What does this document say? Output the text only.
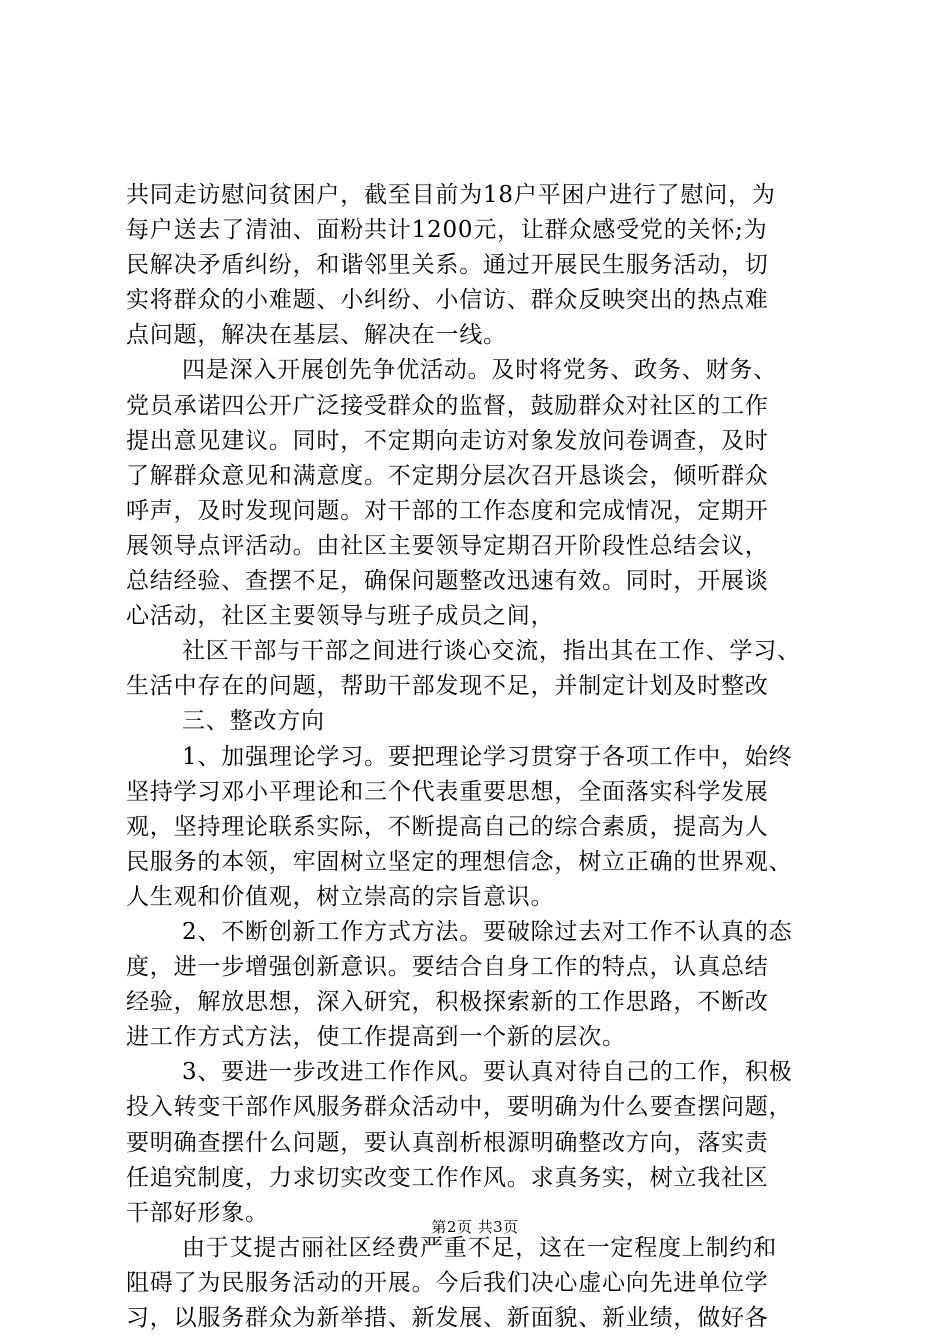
共同走访慰问贫困户，截至目前为18户平困户进行了慰问，为
每户送去了清油、面粉共计1200元，让群众感受党的关怀;为
民解决矛盾纠纷，和谐邻里关系。通过开展民生服务活动，切
实将群众的小难题、小纠纷、小信访、群众反映突出的热点难
点问题，解决在基层、解决在一线。
四是深入开展创先争优活动。及时将党务、政务、财务、
党员承诺四公开广泛接受群众的监督，鼓励群众对社区的工作
提出意见建议。同时，不定期向走访对象发放问卷调查，及时
了解群众意见和满意度。不定期分层次召开恳谈会，倾听群众
呼声，及时发现问题。对干部的工作态度和完成情况，定期开
展领导点评活动。由社区主要领导定期召开阶段性总结会议，
总结经验、查摆不足，确保问题整改迅速有效。同时，开展谈
心活动，社区主要领导与班子成员之间，
社区干部与干部之间进行谈心交流，指出其在工作、学习、
生活中存在的问题，帮助干部发现不足，并制定计划及时整改
三、整改方向
1、加强理论学习。要把理论学习贯穿于各项工作中，始终
坚持学习邓小平理论和三个代表重要思想，全面落实科学发展
观，坚持理论联系实际，不断提高自己的综合素质，提高为人
民服务的本领，牢固树立坚定的理想信念，树立正确的世界观、
人生观和价值观，树立崇高的宗旨意识。
2、不断创新工作方式方法。要破除过去对工作不认真的态
度，进一步增强创新意识。要结合自身工作的特点，认真总结
经验，解放思想，深入研究，积极探索新的工作思路，不断改
进工作方式方法，使工作提高到一个新的层次。
3、要进一步改进工作作风。要认真对待自己的工作，积极
投入转变干部作风服务群众活动中，要明确为什么要查摆问题，
要明确查摆什么问题，要认真剖析根源明确整改方向，落实责
任追究制度，力求切实改变工作作风。求真务实，树立我社区
干部好形象。
由于艾提古丽社区经费严重不足，这在一定程度上制约和
阻碍了为民服务活动的开展。今后我们决心虚心向先进单位学
习，以服务群众为新举措、新发展、新面貌、新业绩，做好各
第2页 共3页
